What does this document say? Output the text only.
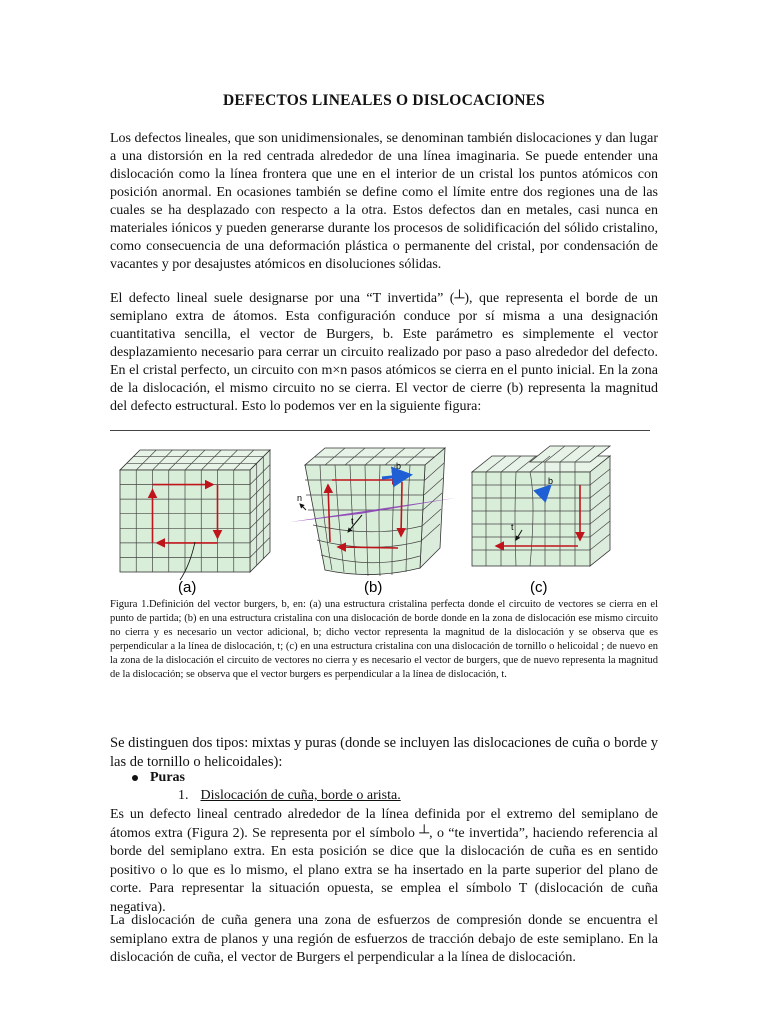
DEFECTOS LINEALES O DISLOCACIONES

Los defectos lineales, que son unidimensionales, se denominan también dislocaciones y dan lugar a una distorsión en la red centrada alrededor de una línea imaginaria. Se puede entender una dislocación como la línea frontera que une en el interior de un cristal los puntos atómicos con posición anormal. En ocasiones también se define como el límite entre dos regiones una de las cuales se ha desplazado con respecto a la otra. Estos defectos dan en metales, casi nunca en materiales iónicos y pueden generarse durante los procesos de solidificación del sólido cristalino, como consecuencia de una deformación plástica o permanente del cristal, por condensación de vacantes y por desajustes atómicos en disoluciones sólidas.

El defecto lineal suele designarse por una “T invertida” (┴), que representa el borde de un semiplano extra de átomos. Esta configuración conduce por sí misma a una designación cuantitativa sencilla, el vector de Burgers, b. Este parámetro es simplemente el vector desplazamiento necesario para cerrar un circuito realizado por paso a paso alrededor del defecto. En el cristal perfecto, un circuito con m×n pasos atómicos se cierra en el punto inicial. En la zona de la dislocación, el mismo circuito no se cierra. El vector de cierre (b) representa la magnitud del defecto estructural. Esto lo podemos ver en la siguiente figura:

b
n
t
b
t
(a)	(b)	(c)

Figura 1.Definición del vector burgers, b, en: (a) una estructura cristalina perfecta donde el circuito de vectores se cierra en el punto de partida; (b) en una estructura cristalina con una dislocación de borde donde en la zona de dislocación ese mismo circuito no cierra y es necesario un vector adicional, b; dicho vector representa la magnitud de la dislocación y se observa que es perpendicular a la línea de dislocación, t; (c) en una estructura cristalina con una dislocación de tornillo o helicoidal ; de nuevo en la zona de la dislocación el circuito de vectores no cierra y es necesario el vector de burgers, que de nuevo representa la magnitud de la dislocación; se observa que el vector burgers es perpendicular a la línea de dislocación, t.

Se distinguen dos tipos: mixtas y puras (donde se incluyen las dislocaciones de cuña o borde y las de tornillo o helicoidales):

Puras
1. Dislocación de cuña, borde o arista.

Es un defecto lineal centrado alrededor de la línea definida por el extremo del semiplano de átomos extra (Figura 2). Se representa por el símbolo ┴, o “te invertida”, haciendo referencia al borde del semiplano extra. En esta posición se dice que la dislocación de cuña es en sentido positivo o lo que es lo mismo, el plano extra se ha insertado en la parte superior del plano de corte. Para representar la situación opuesta, se emplea el símbolo T (dislocación de cuña negativa).

La dislocación de cuña genera una zona de esfuerzos de compresión donde se encuentra el semiplano extra de planos y una región de esfuerzos de tracción debajo de este semiplano. En la dislocación de cuña, el vector de Burgers el perpendicular a la línea de dislocación.
